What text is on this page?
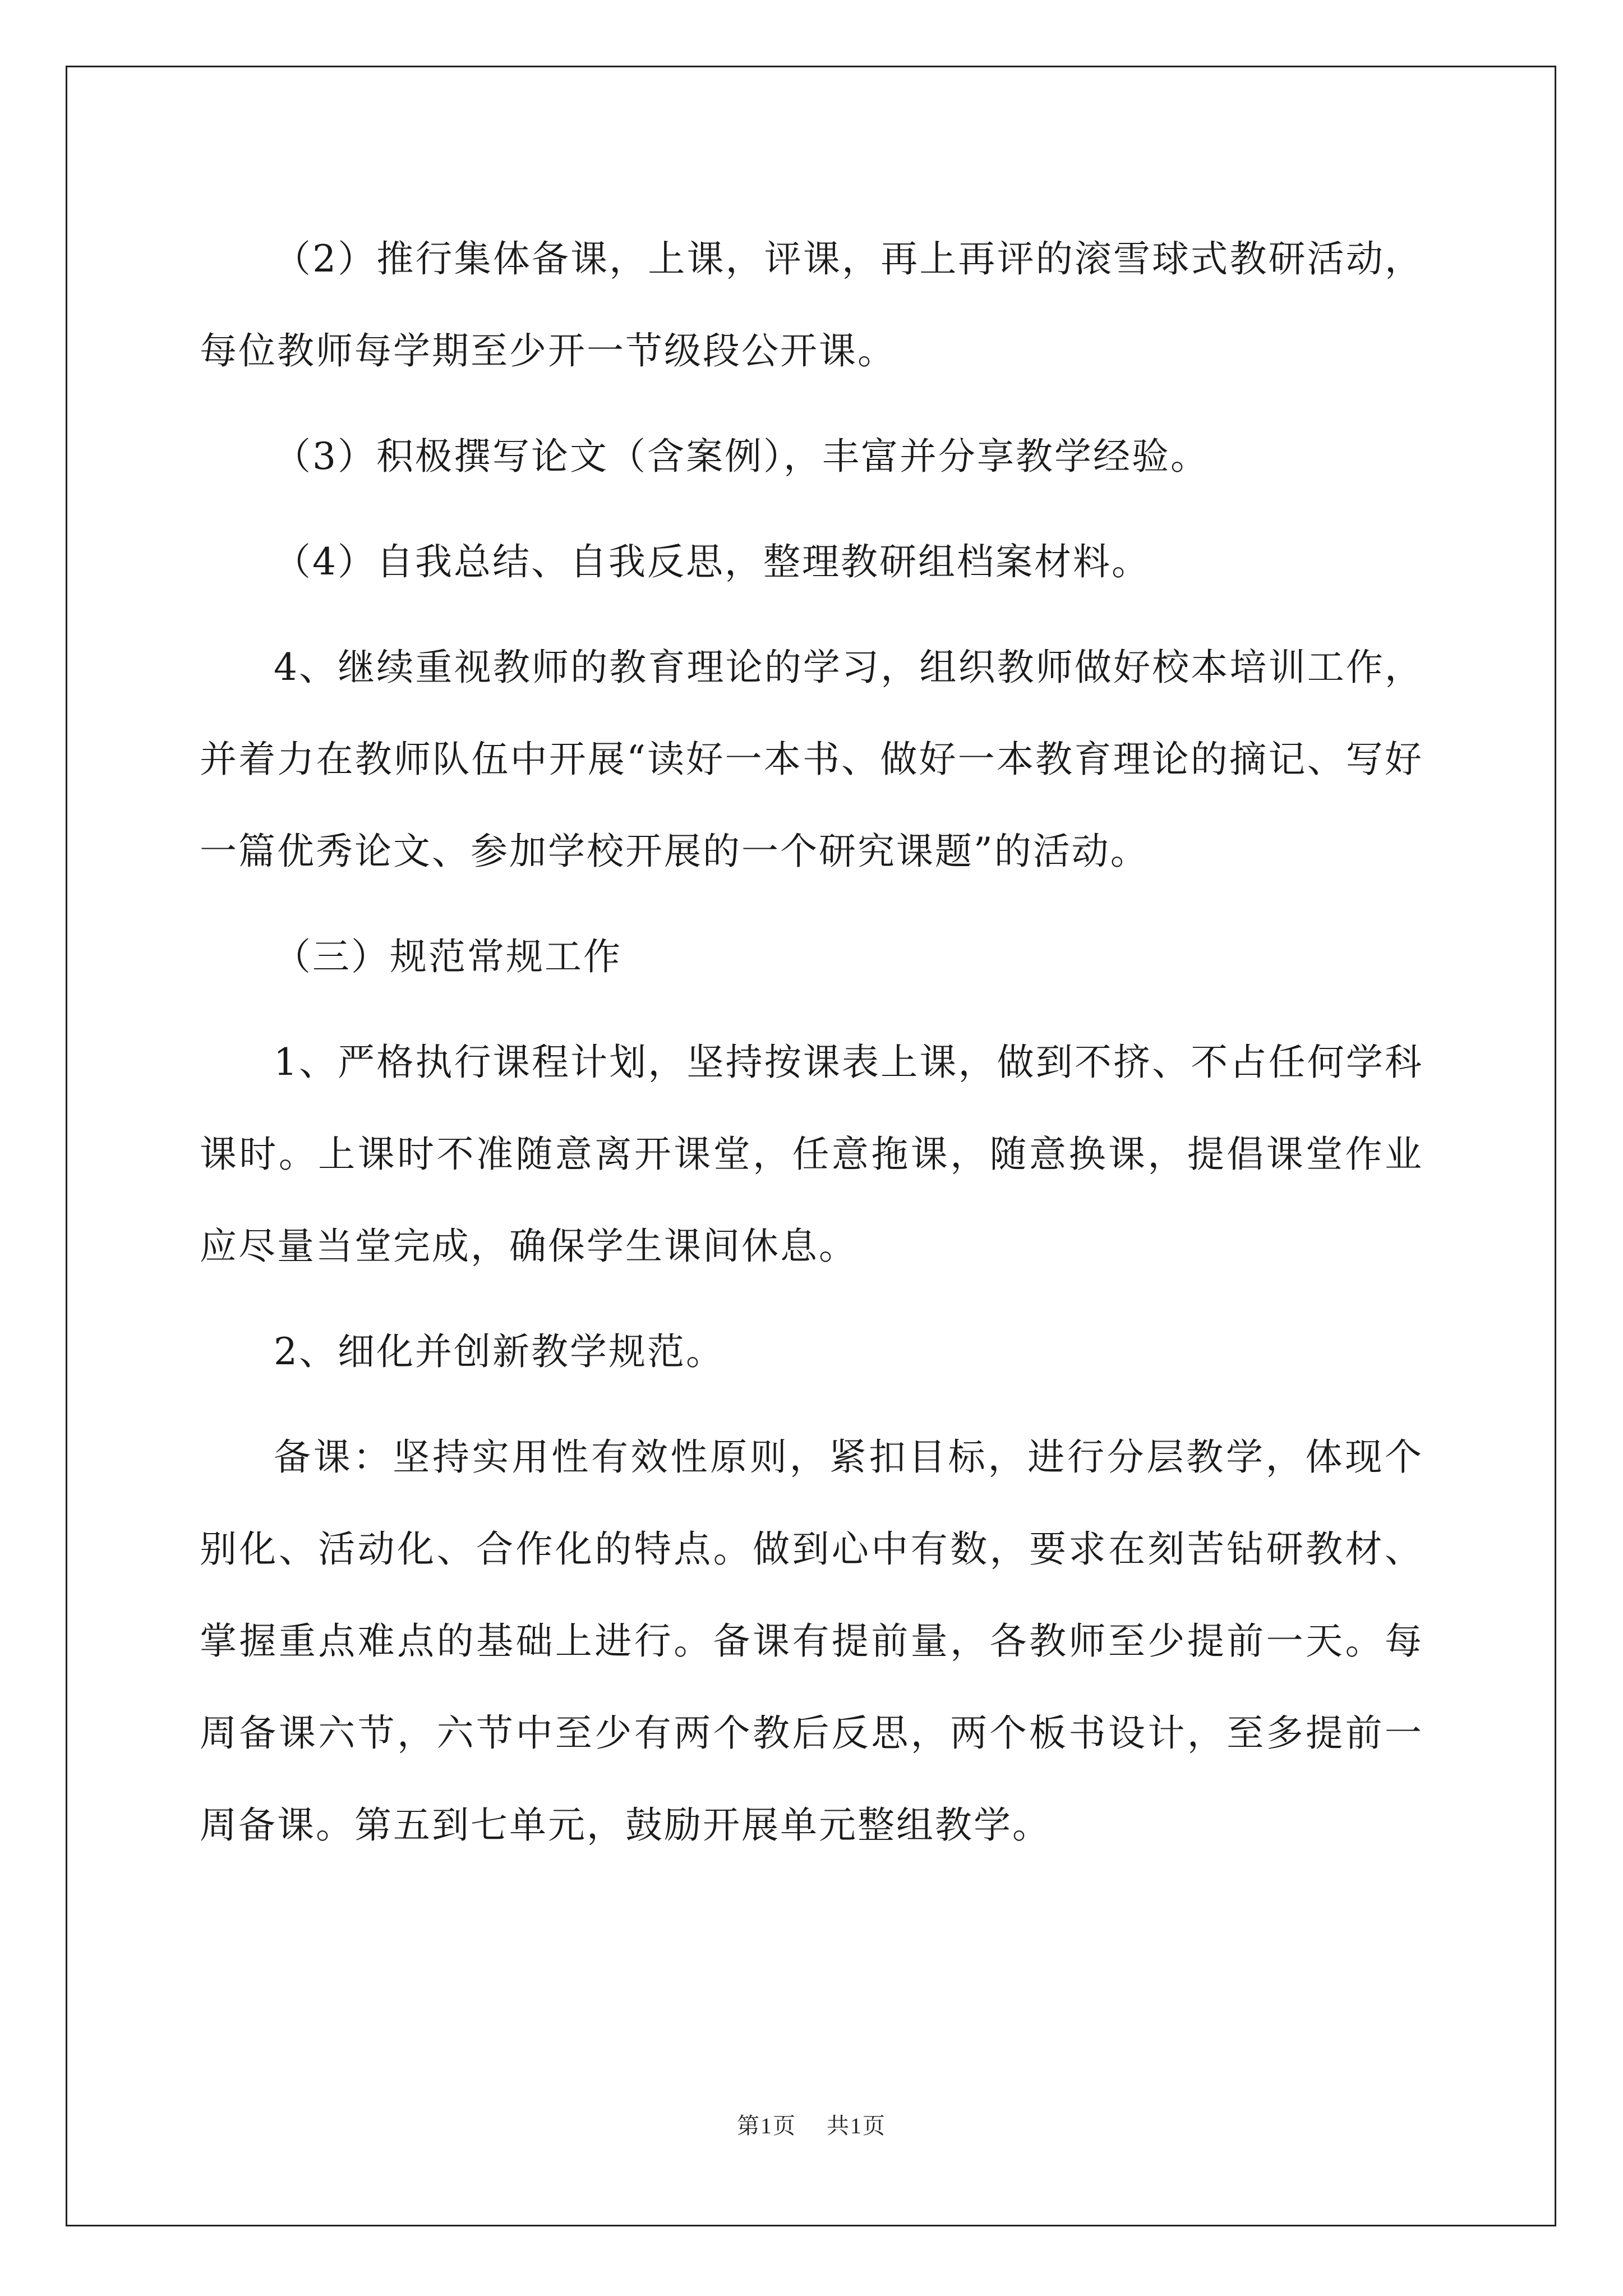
（2）推行集体备课，上课，评课，再上再评的滚雪球式教研活动，每位教师每学期至少开一节级段公开课。

（3）积极撰写论文（含案例），丰富并分享教学经验。

（4）自我总结、自我反思，整理教研组档案材料。

4、继续重视教师的教育理论的学习，组织教师做好校本培训工作，并着力在教师队伍中开展“读好一本书、做好一本教育理论的摘记、写好一篇优秀论文、参加学校开展的一个研究课题”的活动。

（三）规范常规工作

1、严格执行课程计划，坚持按课表上课，做到不挤、不占任何学科课时。上课时不准随意离开课堂，任意拖课，随意换课，提倡课堂作业应尽量当堂完成，确保学生课间休息。

2、细化并创新教学规范。

备课：坚持实用性有效性原则，紧扣目标，进行分层教学，体现个别化、活动化、合作化的特点。做到心中有数，要求在刻苦钻研教材、掌握重点难点的基础上进行。备课有提前量，各教师至少提前一天。每周备课六节，六节中至少有两个教后反思，两个板书设计，至多提前一周备课。第五到七单元，鼓励开展单元整组教学。

第1页 共1页
